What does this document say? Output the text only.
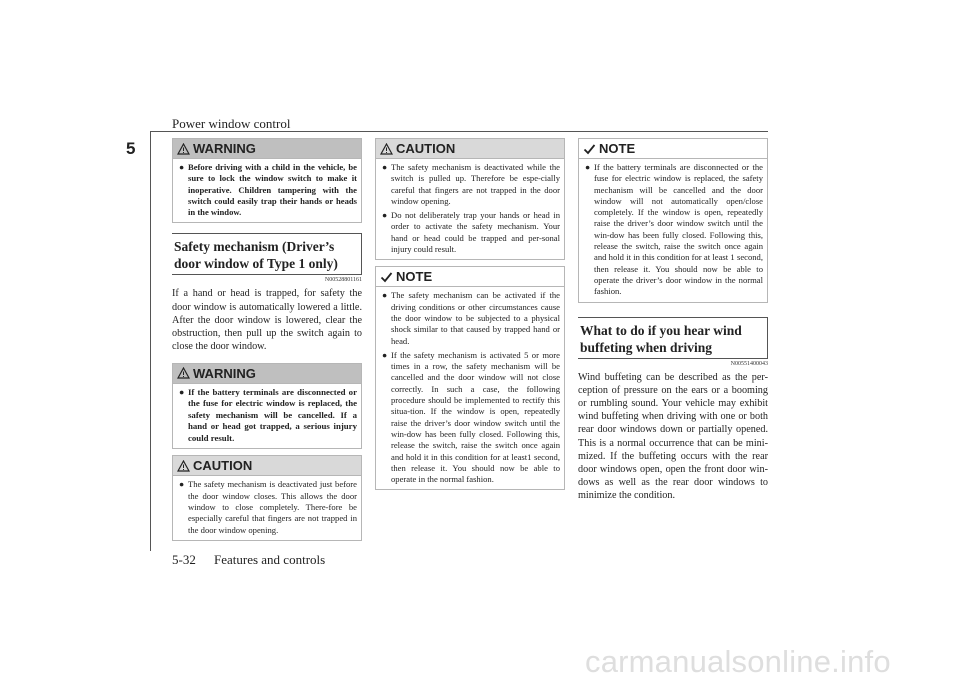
Power window control
5	WARNING
● Before driving with a child in the vehicle, be sure to lock the window switch to make it inoperative. Children tampering with the switch could easily trap their hands or heads in the window.

Safety mechanism (Driver’s door window of Type 1 only)
N00528801161

If a hand or head is trapped, for safety the door window is automatically lowered a little. After the door window is lowered, clear the obstruction, then pull up the switch again to close the door window.

WARNING
● If the battery terminals are disconnected or the fuse for electric window is replaced, the safety mechanism will be cancelled. If a hand or head got trapped, a serious injury could result.

CAUTION
● The safety mechanism is deactivated just before the door window closes. This allows the door window to close completely. There-fore be especially careful that fingers are not trapped in the door window opening.

CAUTION
● The safety mechanism is deactivated while the switch is pulled up. Therefore be espe-cially careful that fingers are not trapped in the door window opening.

● Do not deliberately trap your hands or head in order to activate the safety mechanism. Your hand or head could be trapped and per-sonal injury could result.

NOTE
● The safety mechanism can be activated if the driving conditions or other circumstances cause the door window to be subjected to a physical shock similar to that caused by trapped hand or head.

● If the safety mechanism is activated 5 or more times in a row, the safety mechanism will be cancelled and the door window will not close correctly. In such a case, the following procedure should be implemented to rectify this situa-tion. If the window is open, repeatedly raise the driver’s door window switch until the win-dow has been fully closed. Following this, release the switch, raise the switch once again and hold it in this condition for at least1 second, then release it. You should now be able to operate in the normal fashion.

NOTE
● If the battery terminals are disconnected or the fuse for electric window is replaced, the safety mechanism will be cancelled and the door window will not automatically open/close completely. If the window is open, repeatedly raise the driver’s door window switch until the win-dow has been fully closed. Following this, release the switch, raise the switch once again and hold it in this condition for at least 1 second, then release it. You should now be able to operate the driver’s door window in the normal fashion.

What to do if you hear wind buffeting when driving
N00551400043

Wind buffeting can be described as the per-ception of pressure on the ears or a booming or rumbling sound. Your vehicle may exhibit wind buffeting when driving with one or both rear door windows down or partially opened. This is a normal occurrence that can be mini-mized. If the buffeting occurs with the rear door windows open, open the front door win-dows as well as the rear door windows to minimize the condition.

5-32 Features and controls
carmanualsonline.info
